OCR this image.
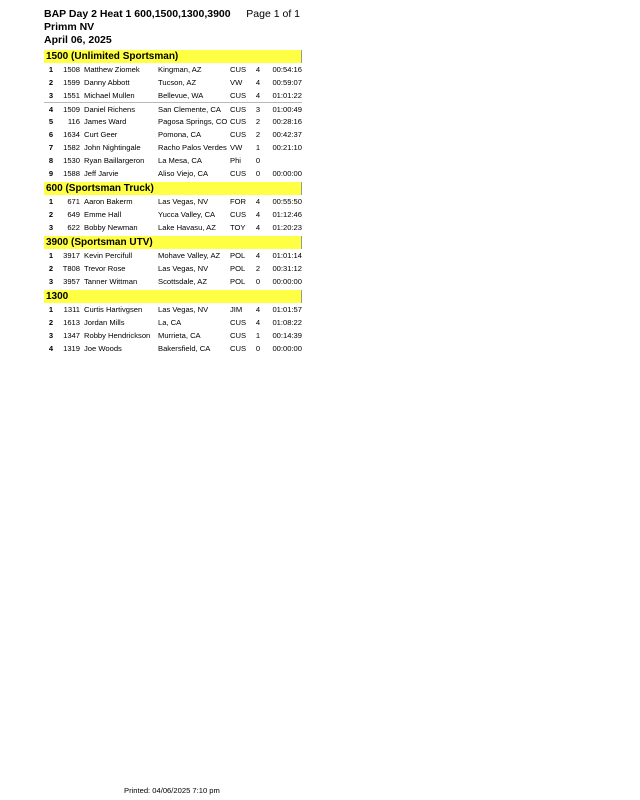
BAP Day 2 Heat 1 600,1500,1300,3900	Page 1 of 1
Primm NV
April 06, 2025
1500 (Unlimited Sportsman)
1	1508 Matthew Ziomek	Kingman, AZ	CUS	4	00:54:16
2	1599 Danny Abbott	Tucson, AZ	VW	4	00:59:07
3	1551 Michael Mullen	Bellevue, WA	CUS	4	01:01:22
4	1509 Daniel Richens	San Clemente, CA	CUS	3	01:00:49
5	116 James Ward	Pagosa Springs, CO CUS	2	00:28:16
6	1634 Curt Geer	Pomona, CA	CUS	2	00:42:37
7	1582 John Nightingale	Racho Palos Verdes VW	1	00:21:10
8	1530 Ryan Baillargeron	La Mesa, CA	Phi	0
9	1588 Jeff Jarvie	Aliso Viejo, CA	CUS	0	00:00:00
600 (Sportsman Truck)
1	671 Aaron Bakerm	Las Vegas, NV	FOR	4	00:55:50
2	649 Emme Hall	Yucca Valley, CA	CUS	4	01:12:46
3	622 Bobby Newman	Lake Havasu, AZ	TOY	4	01:20:23
3900 (Sportsman UTV)
1	3917 Kevin Percifull	Mohave Valley, AZ	POL	4	01:01:14
2	T808 Trevor Rose	Las Vegas, NV	POL	2	00:31:12
3	3957 Tanner Wittman	Scottsdale, AZ	POL	0	00:00:00
1300
1	1311 Curtis Hartivgsen	Las Vegas, NV	JIM	4	01:01:57
2	1613 Jordan Mills	La, CA	CUS	4	01:08:22
3	1347 Robby Hendrickson	Murrieta, CA	CUS	1	00:14:39
4	1319 Joe Woods	Bakersfield, CA	CUS	0	00:00:00
Printed: 04/06/2025 7:10 pm
